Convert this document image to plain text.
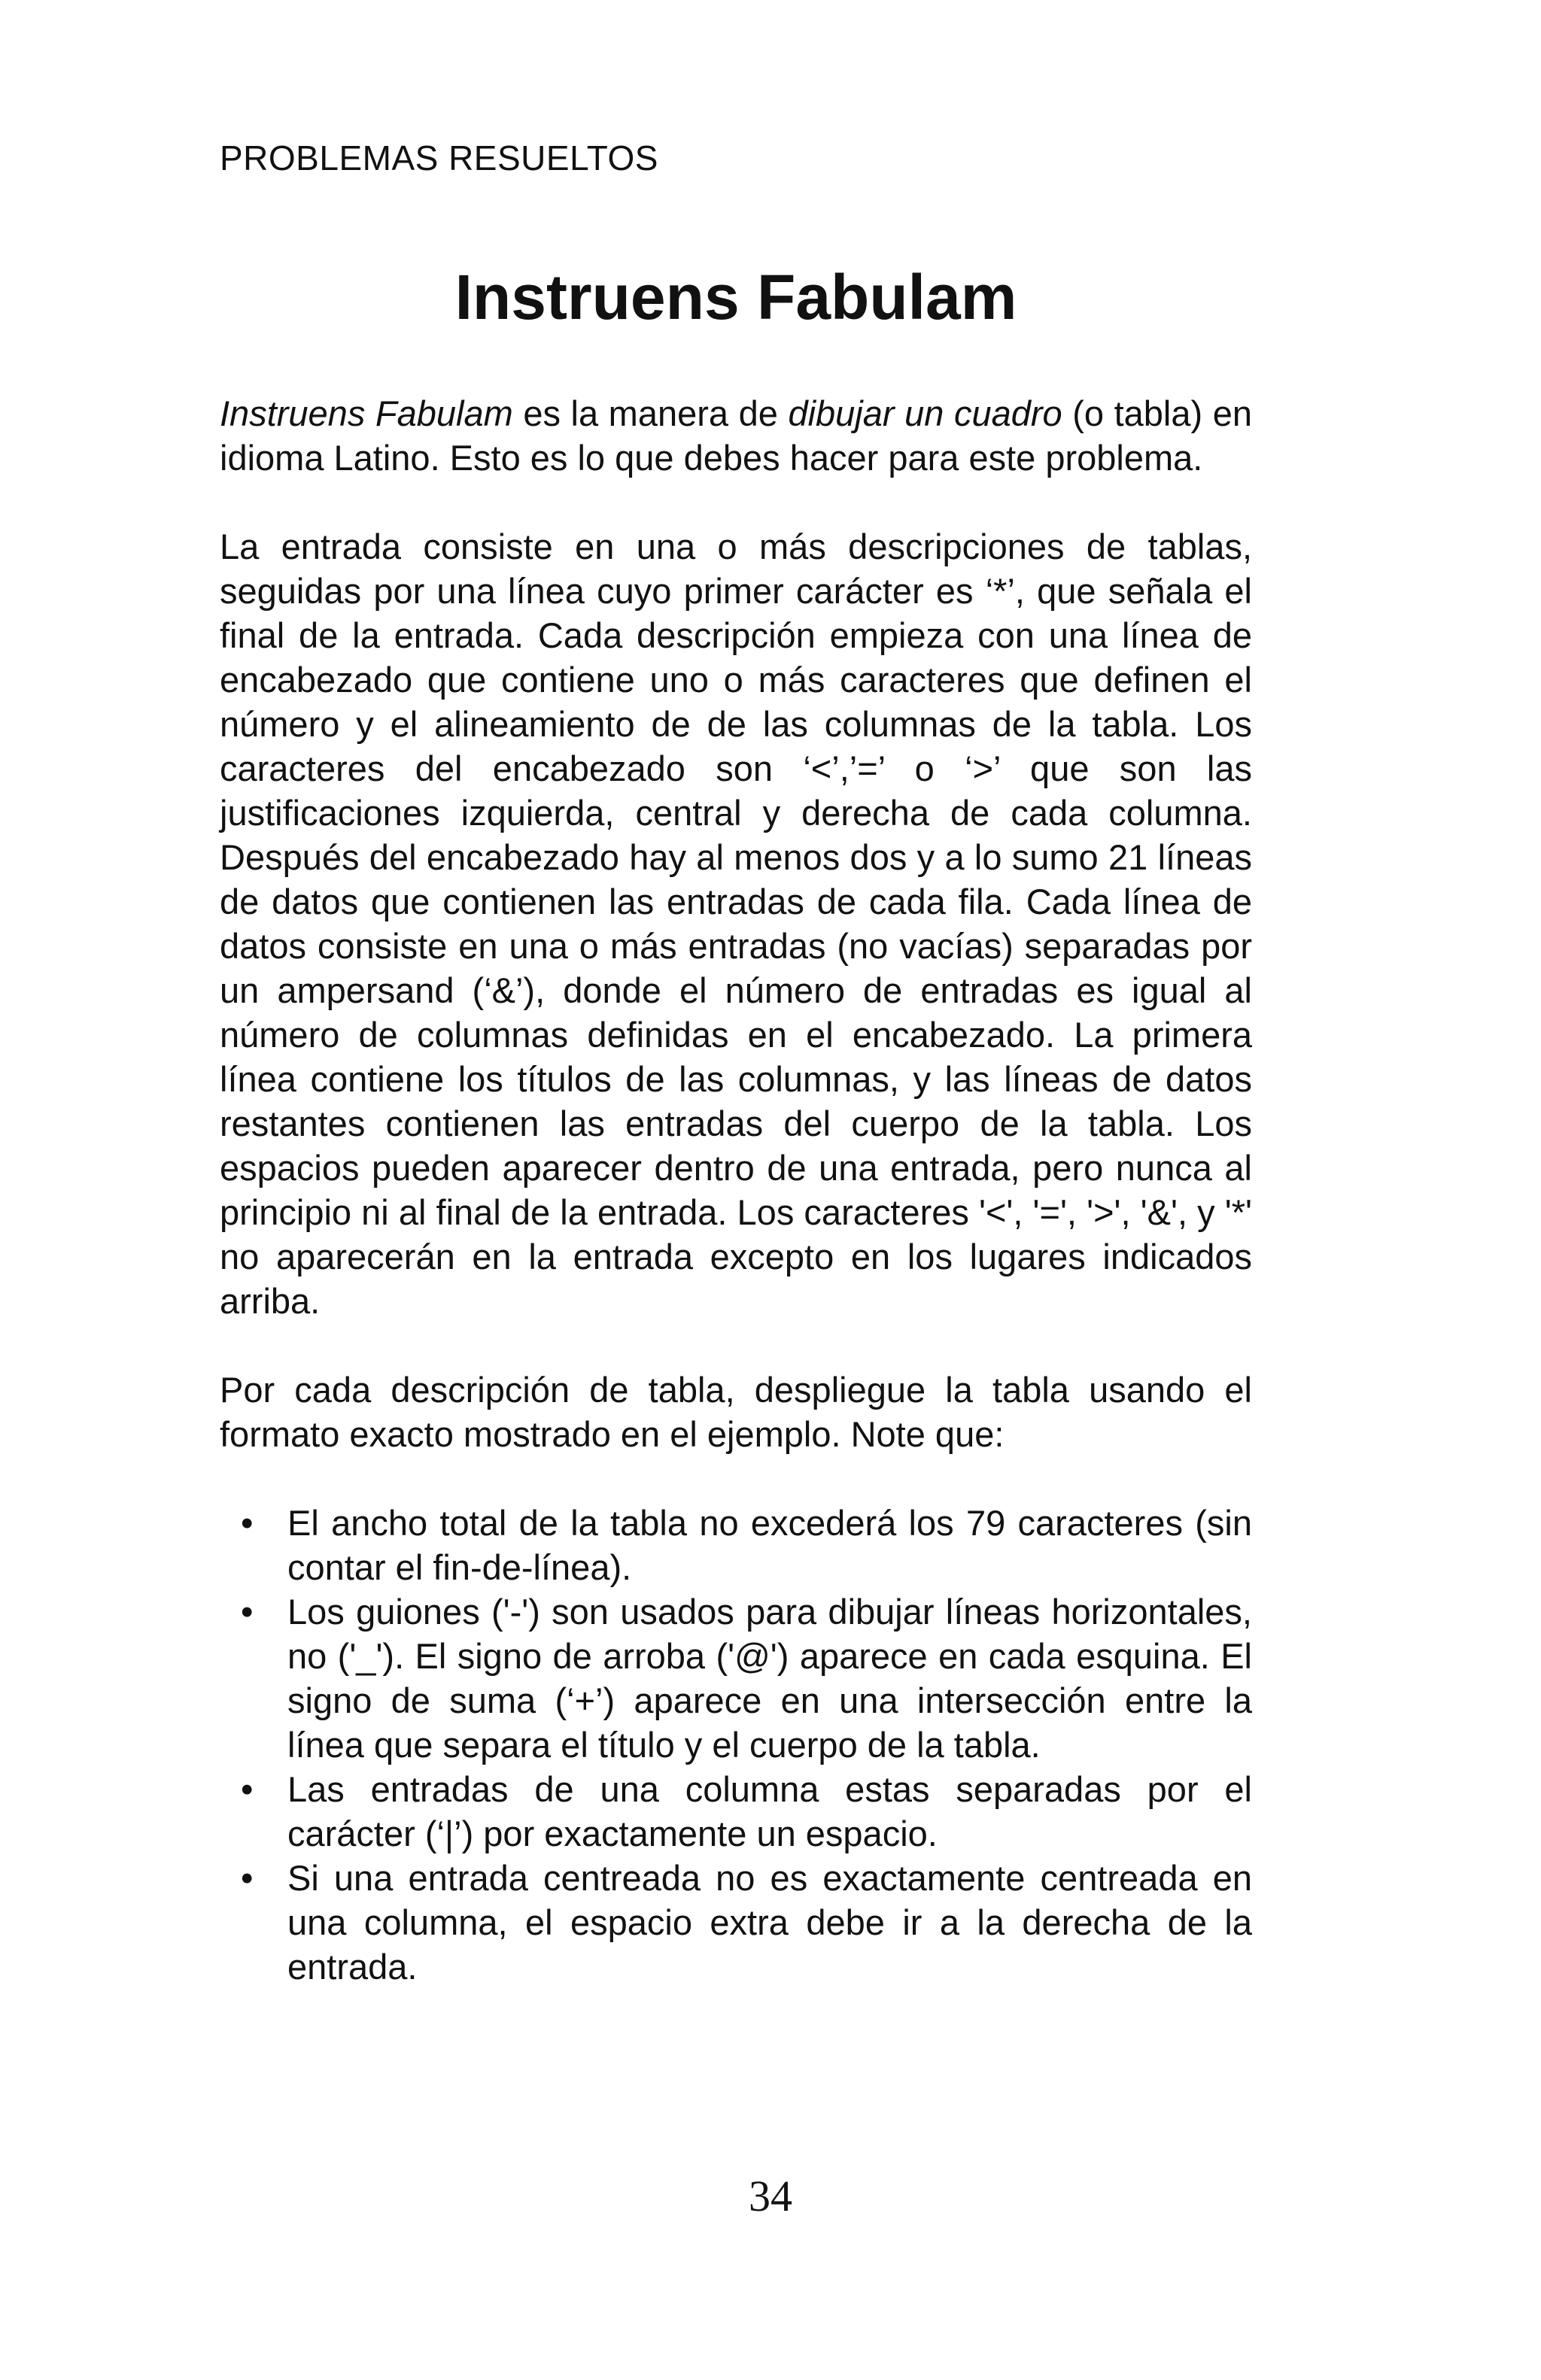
PROBLEMAS RESUELTOS
Instruens Fabulam

Instruens Fabulam es la manera de dibujar un cuadro (o tabla) en idioma Latino. Esto es lo que debes hacer para este problema.

La entrada consiste en una o más descripciones de tablas, seguidas por una línea cuyo primer carácter es ‘*’, que señala el final de la entrada. Cada descripción empieza con una línea de encabezado que contiene uno o más caracteres que definen el número y el alineamiento de de las columnas de la tabla. Los caracteres del encabezado son ‘<’,’=’ o ‘>’ que son las justificaciones izquierda, central y derecha de cada columna. Después del encabezado hay al menos dos y a lo sumo 21 líneas de datos que contienen las entradas de cada fila. Cada línea de datos consiste en una o más entradas (no vacías) separadas por un ampersand (‘&’), donde el número de entradas es igual al número de columnas definidas en el encabezado. La primera línea contiene los títulos de las columnas, y las líneas de datos restantes contienen las entradas del cuerpo de la tabla. Los espacios pueden aparecer dentro de una entrada, pero nunca al principio ni al final de la entrada. Los caracteres '<', '=', '>', '&', y '*' no aparecerán en la entrada excepto en los lugares indicados arriba.

Por cada descripción de tabla, despliegue la tabla usando el formato exacto mostrado en el ejemplo. Note que:

• El ancho total de la tabla no excederá los 79 caracteres (sin contar el fin-de-línea).
• Los guiones ('-') son usados para dibujar líneas horizontales, no ('_'). El signo de arroba ('@') aparece en cada esquina. El signo de suma (‘+’) aparece en una intersección entre la línea que separa el título y el cuerpo de la tabla.
• Las entradas de una columna estas separadas por el carácter (‘|’) por exactamente un espacio.
• Si una entrada centreada no es exactamente centreada en una columna, el espacio extra debe ir a la derecha de la entrada.
34
